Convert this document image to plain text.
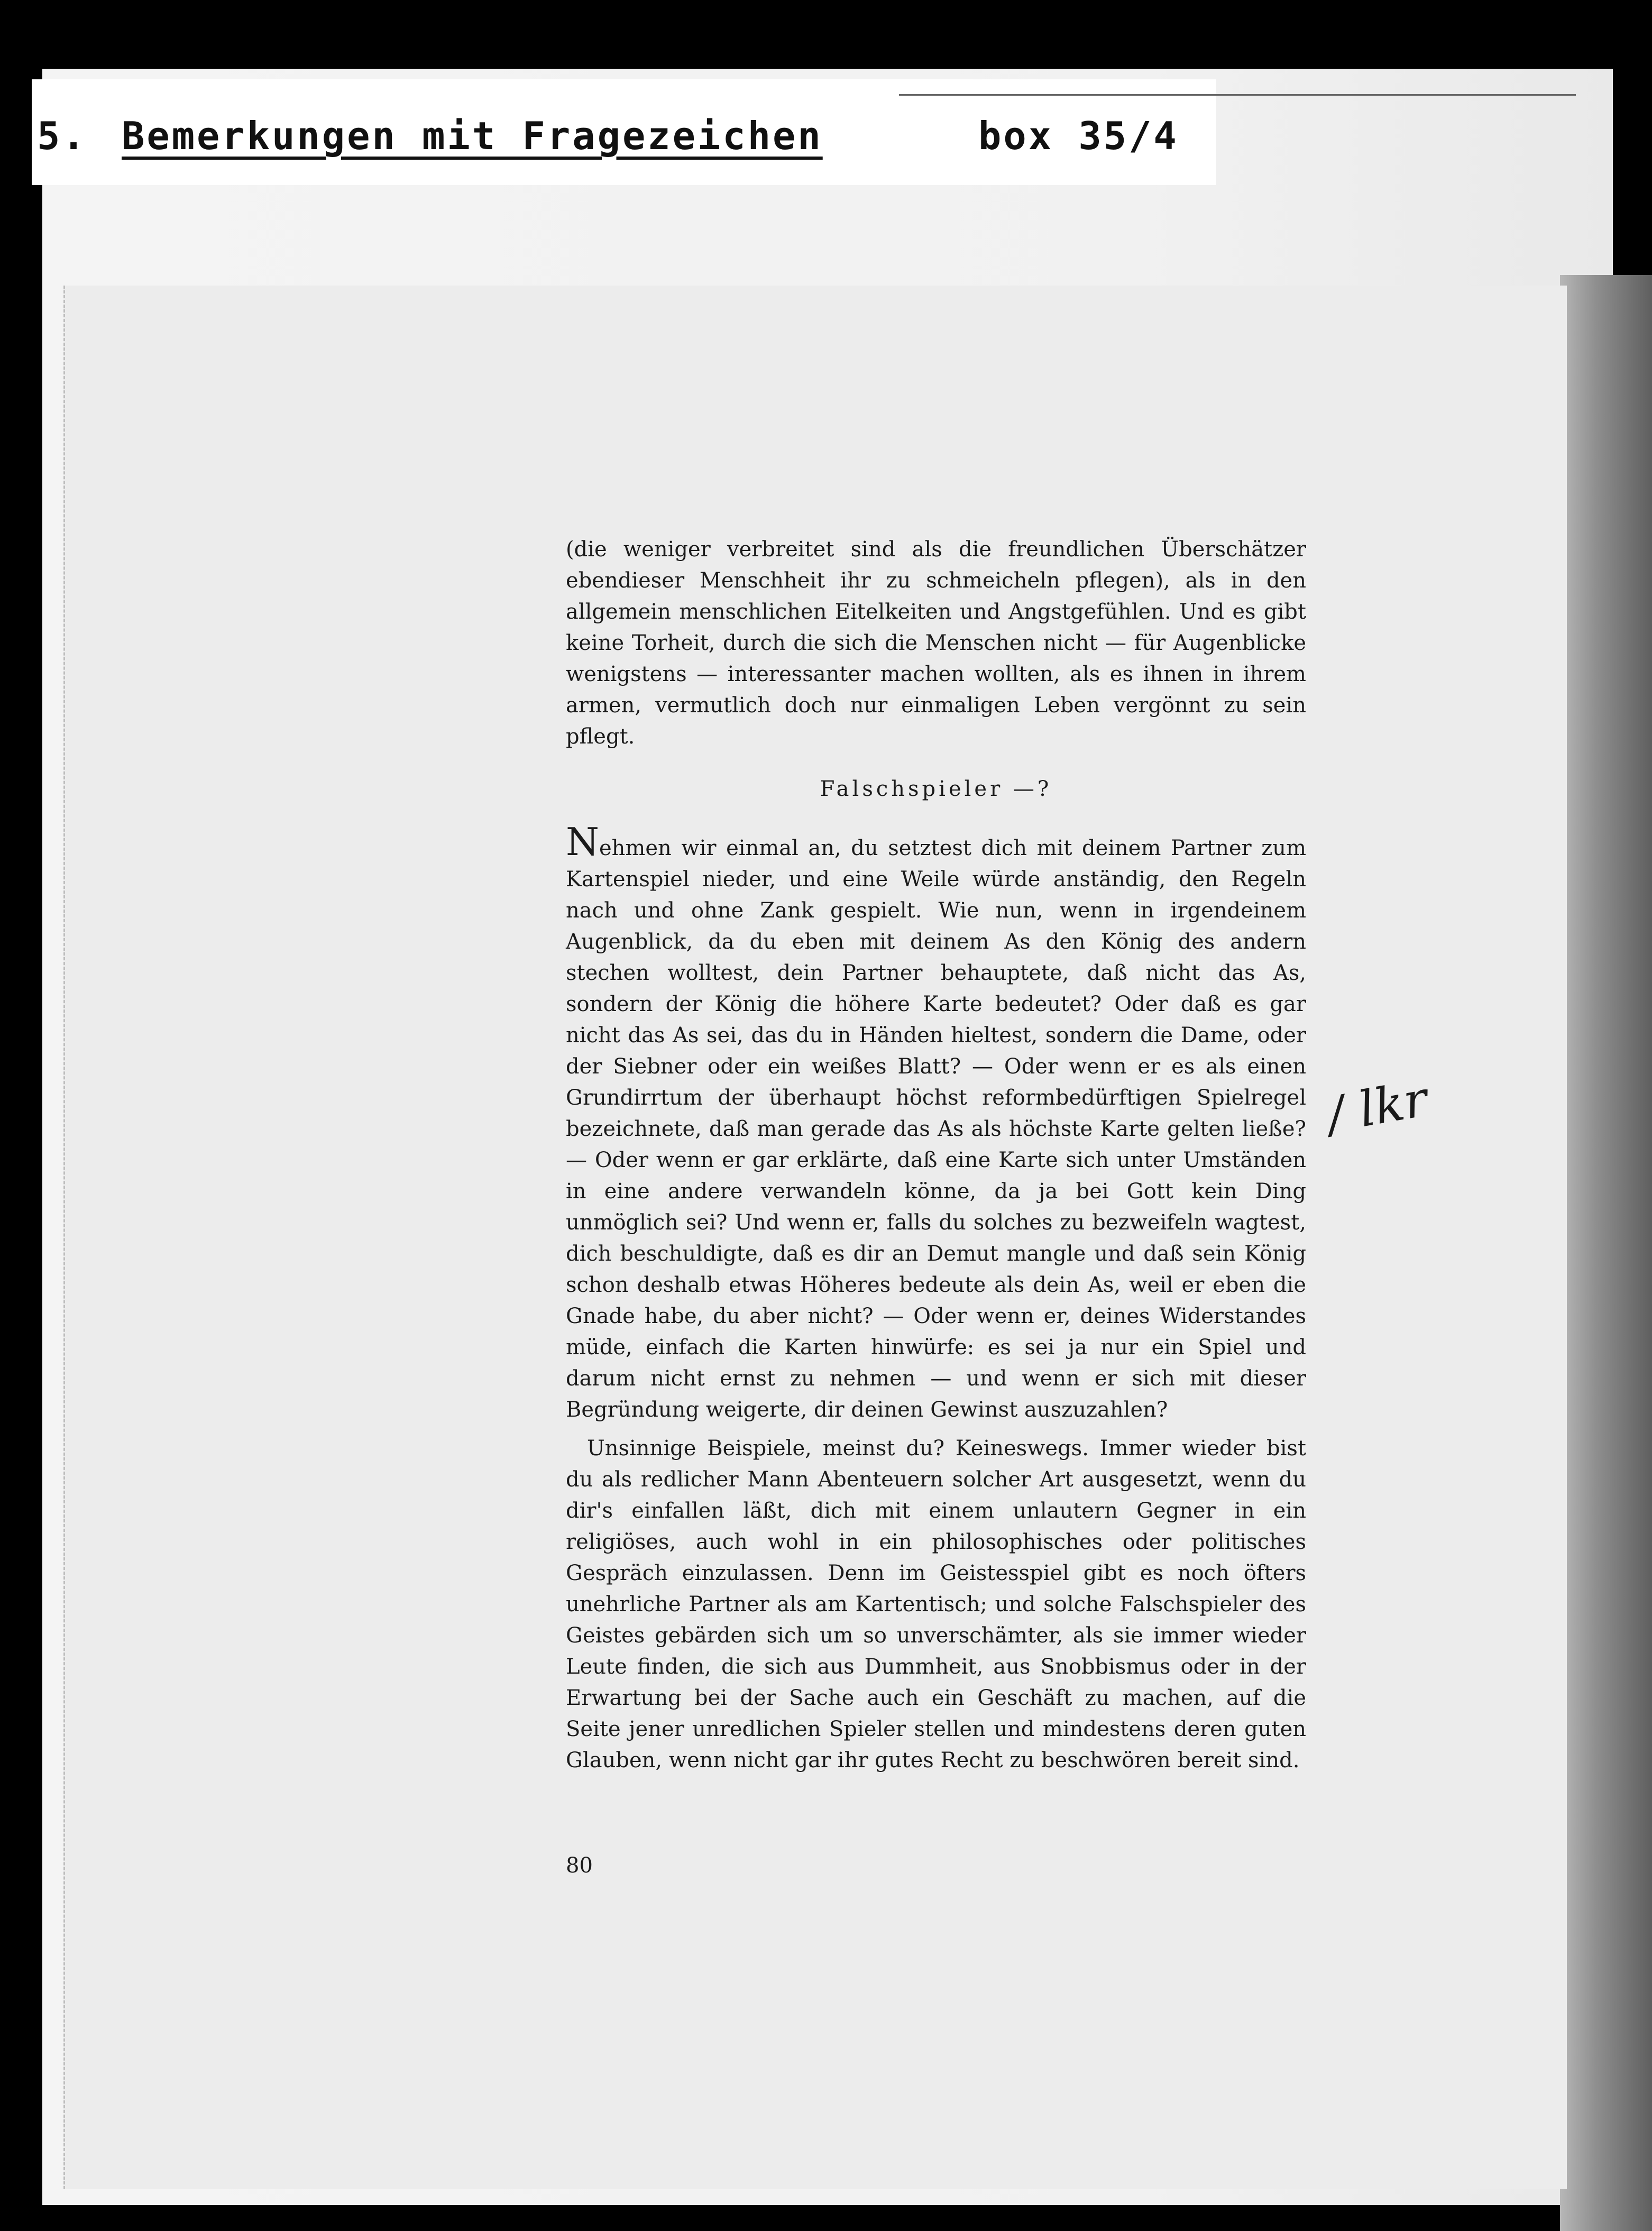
5. Bemerkungen mit Fragezeichen	box 35/4

(die weniger verbreitet sind als die freundlichen Überschätzer ebendieser Menschheit ihr zu schmeicheln pflegen), als in den allgemein menschlichen Eitelkeiten und Angstgefühlen. Und es gibt keine Torheit, durch die sich die Menschen nicht — für Augenblicke wenigstens — interessanter machen wollten, als es ihnen in ihrem armen, vermutlich doch nur einmaligen Leben vergönnt zu sein pflegt.

Falschspieler —?

Nehmen wir einmal an, du setztest dich mit deinem Partner zum Kartenspiel nieder, und eine Weile würde anständig, den Regeln nach und ohne Zank gespielt. Wie nun, wenn in irgendeinem Augenblick, da du eben mit deinem As den König des andern stechen wolltest, dein Partner behauptete, daß nicht das As, sondern der König die höhere Karte bedeutet? Oder daß es gar nicht das As sei, das du in Händen hieltest, sondern die Dame, oder der Siebner oder ein weißes Blatt? — Oder wenn er es als einen Grundirrtum der überhaupt höchst reformbedürftigen Spielregel bezeichnete, daß man gerade das As als höchste Karte gelten ließe? — Oder wenn er gar erklärte, daß eine Karte sich unter Umständen in eine andere verwandeln könne, da ja bei Gott kein Ding unmöglich sei? Und wenn er, falls du solches zu bezweifeln wagtest, dich beschuldigte, daß es dir an Demut mangle und daß sein König schon deshalb etwas Höheres bedeute als dein As, weil er eben die Gnade habe, du aber nicht? — Oder wenn er, deines Widerstandes müde, einfach die Karten hinwürfe: es sei ja nur ein Spiel und darum nicht ernst zu nehmen — und wenn er sich mit dieser Begründung weigerte, dir deinen Gewinst auszuzahlen?

Unsinnige Beispiele, meinst du? Keineswegs. Immer wieder bist du als redlicher Mann Abenteuern solcher Art ausgesetzt, wenn du dir's einfallen läßt, dich mit einem unlautern Gegner in ein religiöses, auch wohl in ein philosophisches oder politisches Gespräch einzulassen. Denn im Geistesspiel gibt es noch öfters unehrliche Partner als am Kartentisch; und solche Falschspieler des Geistes gebärden sich um so unverschämter, als sie immer wieder Leute finden, die sich aus Dummheit, aus Snobbismus oder in der Erwartung bei der Sache auch ein Geschäft zu machen, auf die Seite jener unredlichen Spieler stellen und mindestens deren guten Glauben, wenn nicht gar ihr gutes Recht zu beschwören bereit sind.

80
/ lkr
